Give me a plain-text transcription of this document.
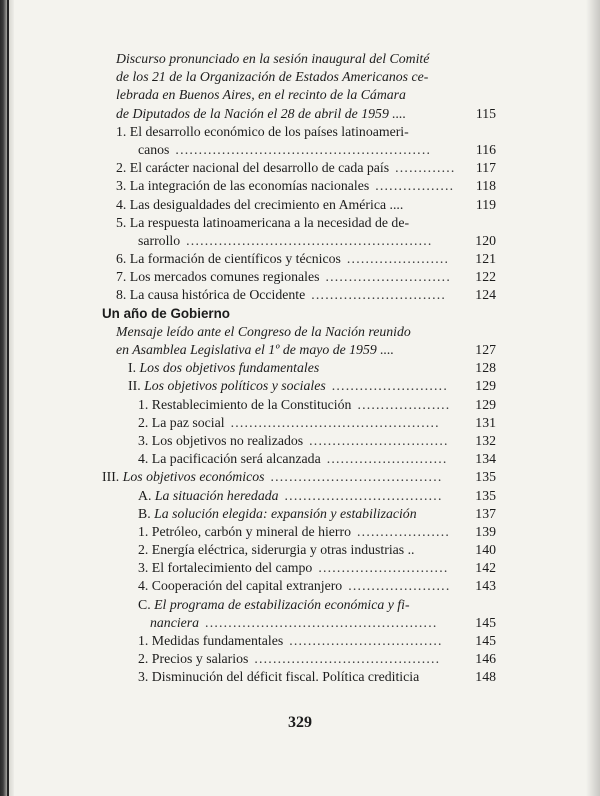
Discurso pronunciado en la sesión inaugural del Comité
de los 21 de la Organización de Estados Americanos ce-
lebrada en Buenos Aires, en el recinto de la Cámara
de Diputados de la Nación el 28 de abril de 1959 ....	115
1. El desarrollo económico de los países latinoameri-
canos	116
.......................................................
2. El carácter nacional del desarrollo de cada país	117
.............
3. La integración de las economías nacionales	118
.................
4. Las desigualdades del crecimiento en América ....	119
5. La respuesta latinoamericana a la necesidad de de-
sarrollo	120
.....................................................
6. La formación de científicos y técnicos	121
......................
7. Los mercados comunes regionales	122
...........................
8. La causa histórica de Occidente	124
.............................
Un año de Gobierno
Mensaje leído ante el Congreso de la Nación reunido
en Asamblea Legislativa el 1º de mayo de 1959 ....	127
I. Los dos objetivos fundamentales	128
II. Los objetivos políticos y sociales	129
.........................
1. Restablecimiento de la Constitución	129
....................
2. La paz social	131
.............................................
3. Los objetivos no realizados	132
..............................
4. La pacificación será alcanzada	134
..........................
III. Los objetivos económicos	135
.....................................
A. La situación heredada	135
..................................
B. La solución elegida: expansión y estabilización	137
1. Petróleo, carbón y mineral de hierro	139
....................
2. Energía eléctrica, siderurgia y otras industrias ..	140
3. El fortalecimiento del campo	142
............................
4. Cooperación del capital extranjero	143
......................
C. El programa de estabilización económica y fi-
nanciera	145
..................................................
1. Medidas fundamentales	145
.................................
2. Precios y salarios	146
........................................
3. Disminución del déficit fiscal. Política crediticia	148
329
